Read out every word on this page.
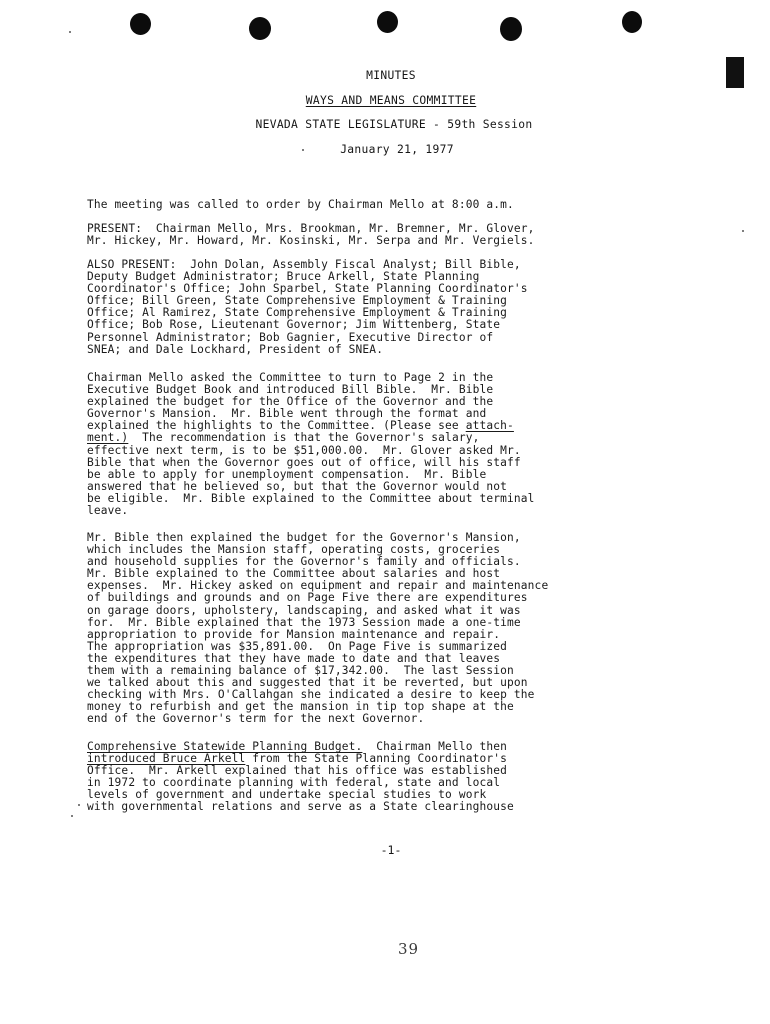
MINUTES
WAYS AND MEANS COMMITTEE
NEVADA STATE LEGISLATURE - 59th Session
January 21, 1977
The meeting was called to order by Chairman Mello at 8:00 a.m.
PRESENT:  Chairman Mello, Mrs. Brookman, Mr. Bremner, Mr. Glover,
Mr. Hickey, Mr. Howard, Mr. Kosinski, Mr. Serpa and Mr. Vergiels.
ALSO PRESENT:  John Dolan, Assembly Fiscal Analyst; Bill Bible,
Deputy Budget Administrator; Bruce Arkell, State Planning
Coordinator's Office; John Sparbel, State Planning Coordinator's
Office; Bill Green, State Comprehensive Employment & Training
Office; Al Ramirez, State Comprehensive Employment & Training
Office; Bob Rose, Lieutenant Governor; Jim Wittenberg, State
Personnel Administrator; Bob Gagnier, Executive Director of
SNEA; and Dale Lockhard, President of SNEA.
Chairman Mello asked the Committee to turn to Page 2 in the
Executive Budget Book and introduced Bill Bible.  Mr. Bible
explained the budget for the Office of the Governor and the
Governor's Mansion.  Mr. Bible went through the format and
explained the highlights to the Committee. (Please see attach-
ment.)  The recommendation is that the Governor's salary,
effective next term, is to be $51,000.00.  Mr. Glover asked Mr.
Bible that when the Governor goes out of office, will his staff
be able to apply for unemployment compensation.  Mr. Bible
answered that he believed so, but that the Governor would not
be eligible.  Mr. Bible explained to the Committee about terminal
leave.
Mr. Bible then explained the budget for the Governor's Mansion,
which includes the Mansion staff, operating costs, groceries
and household supplies for the Governor's family and officials.
Mr. Bible explained to the Committee about salaries and host
expenses.  Mr. Hickey asked on equipment and repair and maintenance
of buildings and grounds and on Page Five there are expenditures
on garage doors, upholstery, landscaping, and asked what it was
for.  Mr. Bible explained that the 1973 Session made a one-time
appropriation to provide for Mansion maintenance and repair.
The appropriation was $35,891.00.  On Page Five is summarized
the expenditures that they have made to date and that leaves
them with a remaining balance of $17,342.00.  The last Session
we talked about this and suggested that it be reverted, but upon
checking with Mrs. O'Callahgan she indicated a desire to keep the
money to refurbish and get the mansion in tip top shape at the
end of the Governor's term for the next Governor.
Comprehensive Statewide Planning Budget.  Chairman Mello then
introduced Bruce Arkell from the State Planning Coordinator's
Office.  Mr. Arkell explained that his office was established
in 1972 to coordinate planning with federal, state and local
levels of government and undertake special studies to work
with governmental relations and serve as a State clearinghouse
-1-
39
